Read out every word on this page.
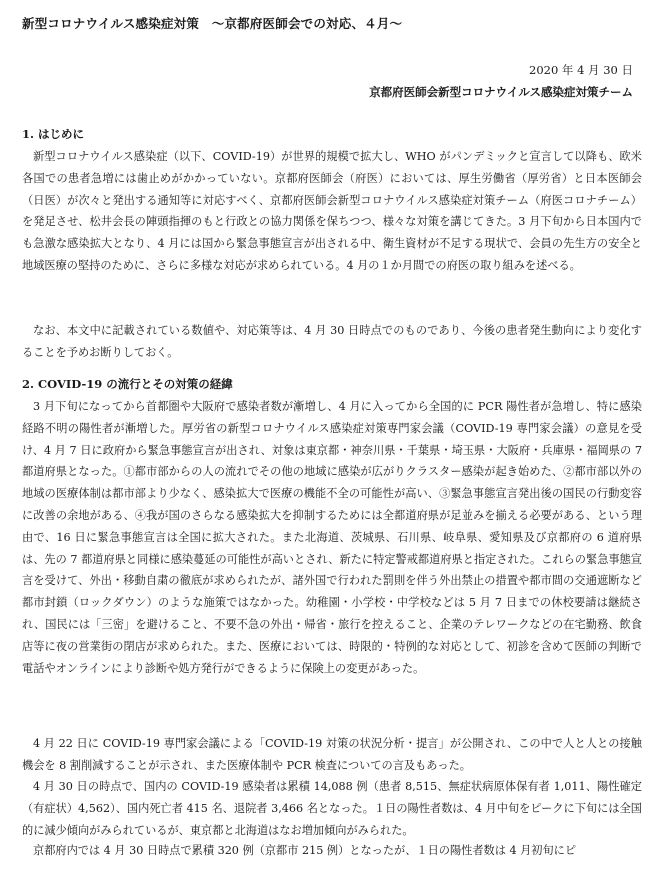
新型コロナウイルス感染症対策　～京都府医師会での対応、４月～
2020 年 4 月 30 日
京都府医師会新型コロナウイルス感染症対策チーム
1. はじめに
新型コロナウイルス感染症（以下、COVID-19）が世界的規模で拡大し、WHO がパンデミックと宣言して以降も、欧米各国での患者急増には歯止めがかかっていない。京都府医師会（府医）においては、厚生労働省（厚労省）と日本医師会（日医）が次々と発出する通知等に対応すべく、京都府医師会新型コロナウイルス感染症対策チーム（府医コロナチーム）を発足させ、松井会長の陣頭指揮のもと行政との協力関係を保ちつつ、様々な対策を講じてきた。3 月下旬から日本国内でも急激な感染拡大となり、4 月には国から緊急事態宣言が出される中、衛生資材が不足する現状で、会員の先生方の安全と地域医療の堅持のために、さらに多様な対応が求められている。4 月の１か月間での府医の取り組みを述べる。
なお、本文中に記載されている数値や、対応策等は、4 月 30 日時点でのものであり、今後の患者発生動向により変化することを予めお断りしておく。
2. COVID-19 の流行とその対策の経緯
3 月下旬になってから首都圏や大阪府で感染者数が漸増し、4 月に入ってから全国的に PCR 陽性者が急増し、特に感染経路不明の陽性者が漸増した。厚労省の新型コロナウイルス感染症対策専門家会議（COVID-19 専門家会議）の意見を受け、4 月 7 日に政府から緊急事態宣言が出され、対象は東京都・神奈川県・千葉県・埼玉県・大阪府・兵庫県・福岡県の 7 都道府県となった。①都市部からの人の流れでその他の地域に感染が広がりクラスター感染が起き始めた、②都市部以外の地域の医療体制は都市部より少なく、感染拡大で医療の機能不全の可能性が高い、③緊急事態宣言発出後の国民の行動変容に改善の余地がある、④我が国のさらなる感染拡大を抑制するためには全都道府県が足並みを揃える必要がある、という理由で、16 日に緊急事態宣言は全国に拡大された。また北海道、茨城県、石川県、岐阜県、愛知県及び京都府の 6 道府県は、先の 7 都道府県と同様に感染蔓延の可能性が高いとされ、新たに特定警戒都道府県と指定された。これらの緊急事態宣言を受けて、外出・移動自粛の徹底が求められたが、諸外国で行われた罰則を伴う外出禁止の措置や都市間の交通遮断など都市封鎖（ロックダウン）のような施策ではなかった。幼稚園・小学校・中学校などは 5 月 7 日までの休校要請は継続され、国民には「三密」を避けること、不要不急の外出・帰省・旅行を控えること、企業のテレワークなどの在宅勤務、飲食店等に夜の営業街の閉店が求められた。また、医療においては、時限的・特例的な対応として、初診を含めて医師の判断で電話やオンラインにより診断や処方発行ができるように保険上の変更があった。
4 月 22 日に COVID-19 専門家会議による「COVID-19 対策の状況分析・提言」が公開され、この中で人と人との接触機会を 8 割削減することが示され、また医療体制や PCR 検査についての言及もあった。
4 月 30 日の時点で、国内の COVID-19 感染者は累積 14,088 例（患者 8,515、無症状病原体保有者 1,011、陽性確定（有症状）4,562）、国内死亡者 415 名、退院者 3,466 名となった。１日の陽性者数は、4 月中旬をピークに下旬には全国的に減少傾向がみられているが、東京都と北海道はなお増加傾向がみられた。
京都府内では 4 月 30 日時点で累積 320 例（京都市 215 例）となったが、１日の陽性者数は 4 月初旬にピ
